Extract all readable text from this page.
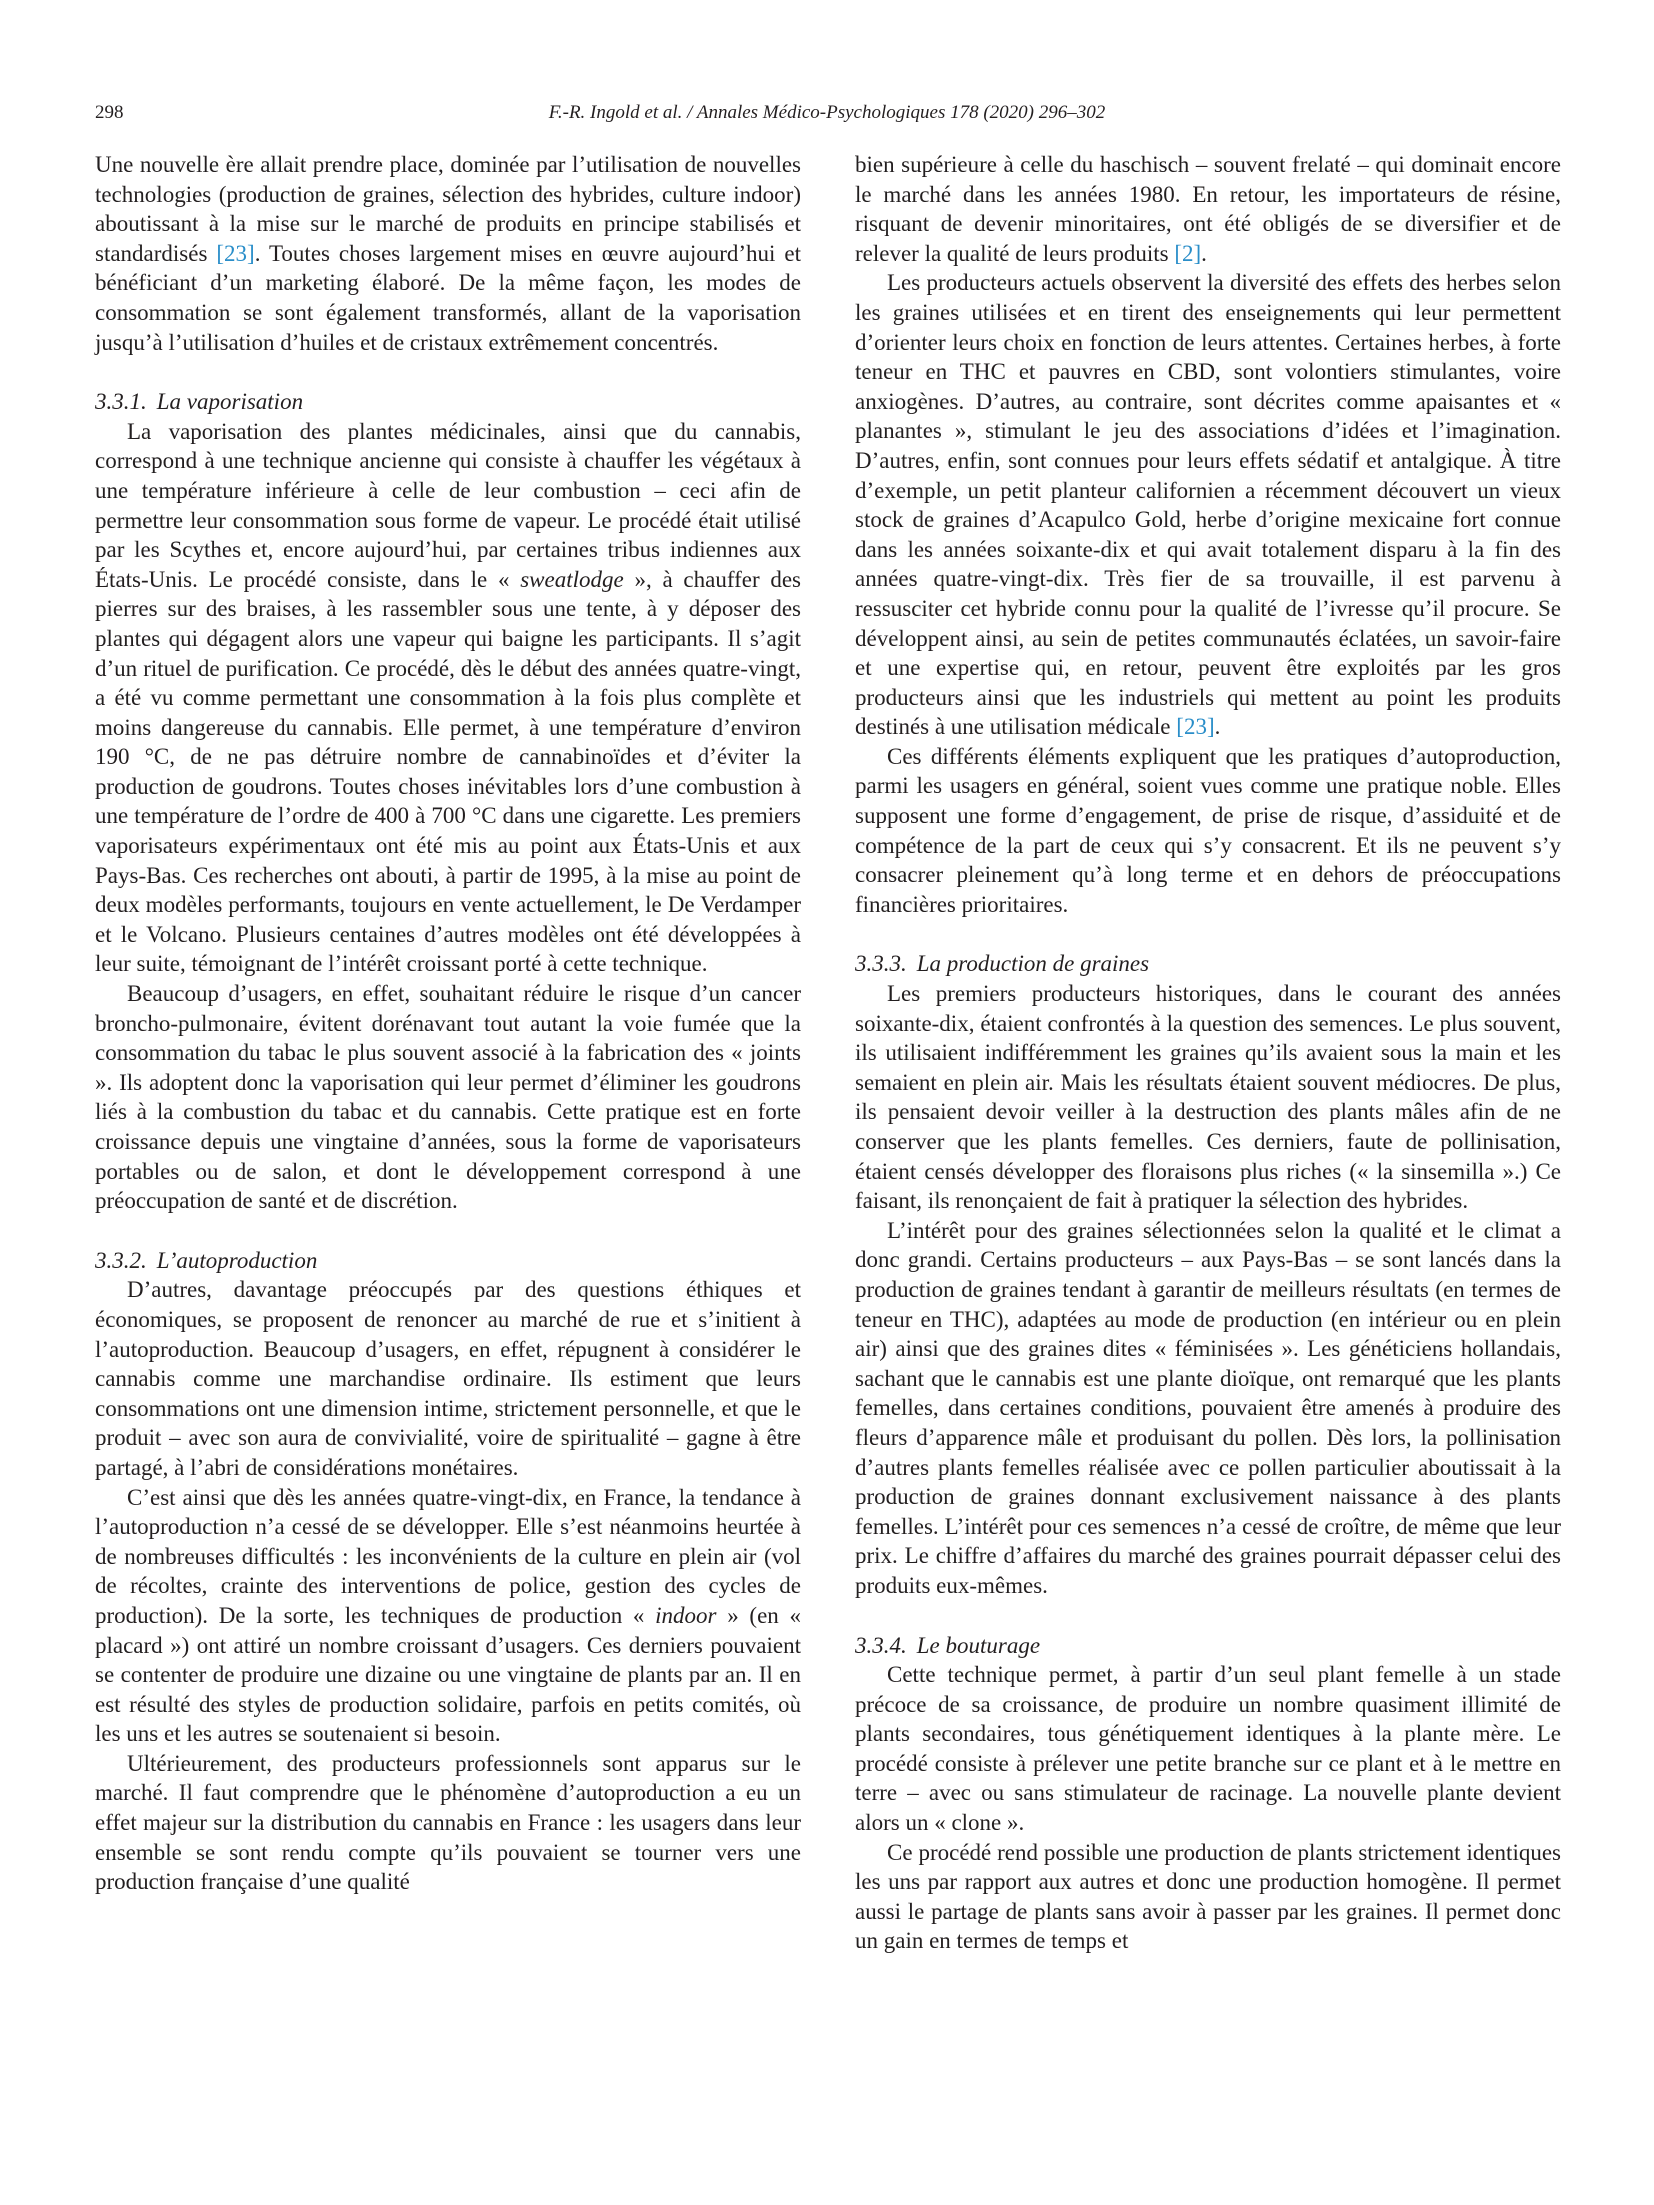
298	F.-R. Ingold et al. / Annales Médico-Psychologiques 178 (2020) 296–302

Une nouvelle ère allait prendre place, dominée par l’utilisation de nouvelles technologies (production de graines, sélection des hybrides, culture indoor) aboutissant à la mise sur le marché de produits en principe stabilisés et standardisés [23]. Toutes choses largement mises en œuvre aujourd’hui et bénéficiant d’un marketing élaboré. De la même façon, les modes de consommation se sont également transformés, allant de la vaporisation jusqu’à l’utilisation d’huiles et de cristaux extrêmement concentrés.

3.3.1. La vaporisation

La vaporisation des plantes médicinales, ainsi que du cannabis, correspond à une technique ancienne qui consiste à chauffer les végétaux à une température inférieure à celle de leur combustion – ceci afin de permettre leur consommation sous forme de vapeur. Le procédé était utilisé par les Scythes et, encore aujourd’hui, par certaines tribus indiennes aux États-Unis. Le procédé consiste, dans le « sweatlodge », à chauffer des pierres sur des braises, à les rassembler sous une tente, à y déposer des plantes qui dégagent alors une vapeur qui baigne les participants. Il s’agit d’un rituel de purification. Ce procédé, dès le début des années quatre-vingt, a été vu comme permettant une consommation à la fois plus complète et moins dangereuse du cannabis. Elle permet, à une température d’environ 190 °C, de ne pas détruire nombre de cannabinoïdes et d’éviter la production de goudrons. Toutes choses inévitables lors d’une combustion à une température de l’ordre de 400 à 700 °C dans une cigarette. Les premiers vaporisateurs expérimentaux ont été mis au point aux États-Unis et aux Pays-Bas. Ces recherches ont abouti, à partir de 1995, à la mise au point de deux modèles performants, toujours en vente actuellement, le De Verdamper et le Volcano. Plusieurs centaines d’autres modèles ont été développées à leur suite, témoignant de l’intérêt croissant porté à cette technique.

Beaucoup d’usagers, en effet, souhaitant réduire le risque d’un cancer broncho-pulmonaire, évitent dorénavant tout autant la voie fumée que la consommation du tabac le plus souvent associé à la fabrication des « joints ». Ils adoptent donc la vaporisation qui leur permet d’éliminer les goudrons liés à la combustion du tabac et du cannabis. Cette pratique est en forte croissance depuis une vingtaine d’années, sous la forme de vaporisateurs portables ou de salon, et dont le développement correspond à une préoccupation de santé et de discrétion.

3.3.2. L’autoproduction

D’autres, davantage préoccupés par des questions éthiques et économiques, se proposent de renoncer au marché de rue et s’initient à l’autoproduction. Beaucoup d’usagers, en effet, répugnent à considérer le cannabis comme une marchandise ordinaire. Ils estiment que leurs consommations ont une dimension intime, strictement personnelle, et que le produit – avec son aura de convivialité, voire de spiritualité – gagne à être partagé, à l’abri de considérations monétaires.

C’est ainsi que dès les années quatre-vingt-dix, en France, la tendance à l’autoproduction n’a cessé de se développer. Elle s’est néanmoins heurtée à de nombreuses difficultés : les inconvénients de la culture en plein air (vol de récoltes, crainte des interventions de police, gestion des cycles de production). De la sorte, les techniques de production « indoor » (en « placard ») ont attiré un nombre croissant d’usagers. Ces derniers pouvaient se contenter de produire une dizaine ou une vingtaine de plants par an. Il en est résulté des styles de production solidaire, parfois en petits comités, où les uns et les autres se soutenaient si besoin.

Ultérieurement, des producteurs professionnels sont apparus sur le marché. Il faut comprendre que le phénomène d’autoproduction a eu un effet majeur sur la distribution du cannabis en France : les usagers dans leur ensemble se sont rendu compte qu’ils pouvaient se tourner vers une production française d’une qualité

bien supérieure à celle du haschisch – souvent frelaté – qui dominait encore le marché dans les années 1980. En retour, les importateurs de résine, risquant de devenir minoritaires, ont été obligés de se diversifier et de relever la qualité de leurs produits [2].

Les producteurs actuels observent la diversité des effets des herbes selon les graines utilisées et en tirent des enseignements qui leur permettent d’orienter leurs choix en fonction de leurs attentes. Certaines herbes, à forte teneur en THC et pauvres en CBD, sont volontiers stimulantes, voire anxiogènes. D’autres, au contraire, sont décrites comme apaisantes et « planantes », stimulant le jeu des associations d’idées et l’imagination. D’autres, enfin, sont connues pour leurs effets sédatif et antalgique. À titre d’exemple, un petit planteur californien a récemment découvert un vieux stock de graines d’Acapulco Gold, herbe d’origine mexicaine fort connue dans les années soixante-dix et qui avait totalement disparu à la fin des années quatre-vingt-dix. Très fier de sa trouvaille, il est parvenu à ressusciter cet hybride connu pour la qualité de l’ivresse qu’il procure. Se développent ainsi, au sein de petites communautés éclatées, un savoir-faire et une expertise qui, en retour, peuvent être exploités par les gros producteurs ainsi que les industriels qui mettent au point les produits destinés à une utilisation médicale [23].

Ces différents éléments expliquent que les pratiques d’autoproduction, parmi les usagers en général, soient vues comme une pratique noble. Elles supposent une forme d’engagement, de prise de risque, d’assiduité et de compétence de la part de ceux qui s’y consacrent. Et ils ne peuvent s’y consacrer pleinement qu’à long terme et en dehors de préoccupations financières prioritaires.

3.3.3. La production de graines

Les premiers producteurs historiques, dans le courant des années soixante-dix, étaient confrontés à la question des semences. Le plus souvent, ils utilisaient indifféremment les graines qu’ils avaient sous la main et les semaient en plein air. Mais les résultats étaient souvent médiocres. De plus, ils pensaient devoir veiller à la destruction des plants mâles afin de ne conserver que les plants femelles. Ces derniers, faute de pollinisation, étaient censés développer des floraisons plus riches (« la sinsemilla ».) Ce faisant, ils renonçaient de fait à pratiquer la sélection des hybrides.

L’intérêt pour des graines sélectionnées selon la qualité et le climat a donc grandi. Certains producteurs – aux Pays-Bas – se sont lancés dans la production de graines tendant à garantir de meilleurs résultats (en termes de teneur en THC), adaptées au mode de production (en intérieur ou en plein air) ainsi que des graines dites « féminisées ». Les généticiens hollandais, sachant que le cannabis est une plante dioïque, ont remarqué que les plants femelles, dans certaines conditions, pouvaient être amenés à produire des fleurs d’apparence mâle et produisant du pollen. Dès lors, la pollinisation d’autres plants femelles réalisée avec ce pollen particulier aboutissait à la production de graines donnant exclusivement naissance à des plants femelles. L’intérêt pour ces semences n’a cessé de croître, de même que leur prix. Le chiffre d’affaires du marché des graines pourrait dépasser celui des produits eux-mêmes.

3.3.4. Le bouturage

Cette technique permet, à partir d’un seul plant femelle à un stade précoce de sa croissance, de produire un nombre quasiment illimité de plants secondaires, tous génétiquement identiques à la plante mère. Le procédé consiste à prélever une petite branche sur ce plant et à le mettre en terre – avec ou sans stimulateur de racinage. La nouvelle plante devient alors un « clone ».

Ce procédé rend possible une production de plants strictement identiques les uns par rapport aux autres et donc une production homogène. Il permet aussi le partage de plants sans avoir à passer par les graines. Il permet donc un gain en termes de temps et
